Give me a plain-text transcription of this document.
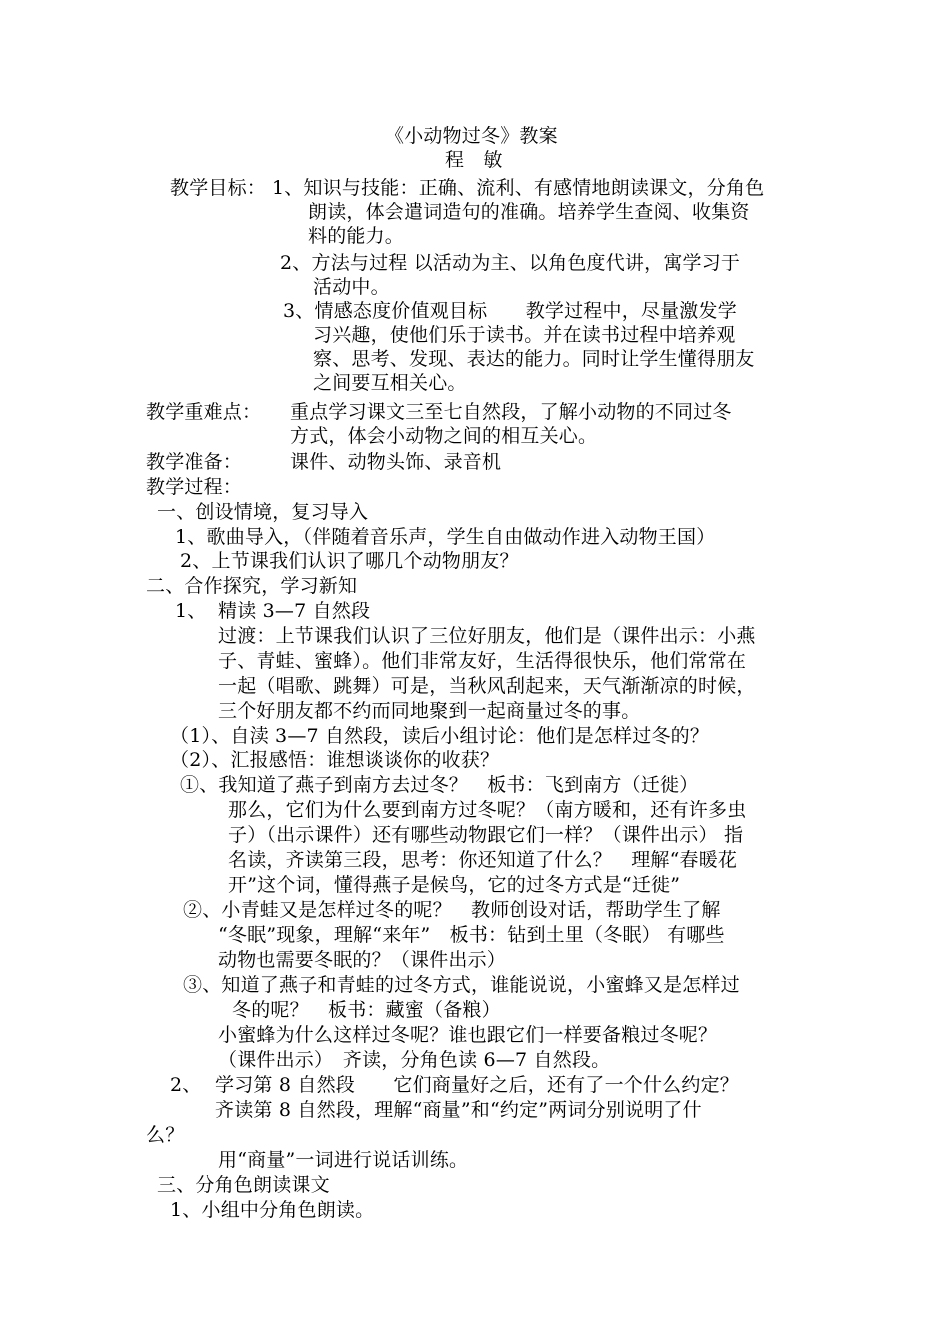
《小动物过冬》教案
程　敏
教学目标： 1、知识与技能：正确、流利、有感情地朗读课文，分角色
朗读，体会遣词造句的准确。培养学生查阅、收集资
料的能力。
2、方法与过程 以活动为主、以角色度代讲，寓学习于
活动中。
3、情感态度价值观目标　　教学过程中，尽量激发学
习兴趣，使他们乐于读书。并在读书过程中培养观
察、思考、发现、表达的能力。同时让学生懂得朋友
之间要互相关心。
教学重难点： 重点学习课文三至七自然段，了解小动物的不同过冬
方式，体会小动物之间的相互关心。
教学准备：	课件、动物头饰、录音机
教学过程：
一、创设情境，复习导入
1、歌曲导入，（伴随着音乐声，学生自由做动作进入动物王国）
2、上节课我们认识了哪几个动物朋友？
二、合作探究，学习新知
1、 精读 3—7 自然段
过渡：上节课我们认识了三位好朋友，他们是（课件出示：小燕
子、青蛙、蜜蜂）。他们非常友好，生活得很快乐，他们常常在
一起（唱歌、跳舞）可是，当秋风刮起来，天气渐渐凉的时候，
三个好朋友都不约而同地聚到一起商量过冬的事。
（1）、自渎 3—7 自然段，读后小组讨论：他们是怎样过冬的？
（2）、汇报感悟：谁想谈谈你的收获？
①、我知道了燕子到南方去过冬？　板书：飞到南方（迁徙）
那么，它们为什么要到南方过冬呢？（南方暖和，还有许多虫
子）（出示课件）还有哪些动物跟它们一样？（课件出示） 指
名读，齐读第三段，思考：你还知道了什么？　理解“春暖花
开”这个词，懂得燕子是候鸟，它的过冬方式是“迁徙”
②、小青蛙又是怎样过冬的呢？　教师创设对话，帮助学生了解
“冬眠”现象，理解“来年”　板书：钻到土里（冬眠） 有哪些
动物也需要冬眠的？（课件出示）
③、知道了燕子和青蛙的过冬方式，谁能说说，小蜜蜂又是怎样过
冬的呢？　板书：藏蜜（备粮）
小蜜蜂为什么这样过冬呢？谁也跟它们一样要备粮过冬呢？
（课件出示）　齐读，分角色读 6—7 自然段。
2、 学习第 8 自然段　　它们商量好之后，还有了一个什么约定？
齐读第 8 自然段，理解“商量”和“约定”两词分别说明了什
么？
用“商量”一词进行说话训练。
三、分角色朗读课文
1、小组中分角色朗读。
